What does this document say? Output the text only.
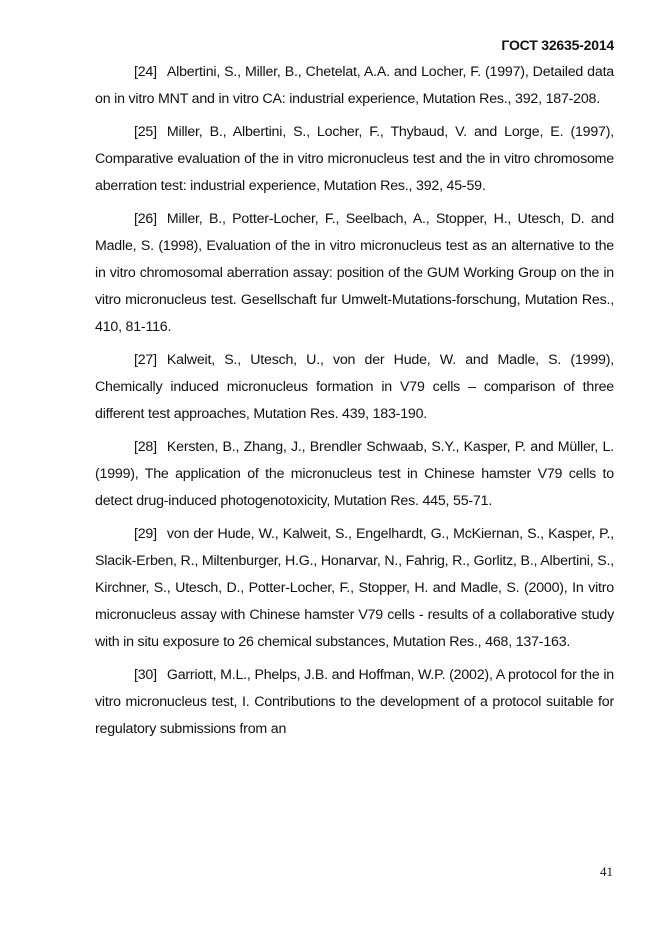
ГОСТ 32635-2014

[24] Albertini, S., Miller, B., Chetelat, A.A. and Locher, F. (1997), Detailed data on in vitro MNT and in vitro CA: industrial experience, Mutation Res., 392, 187-208.

[25] Miller, B., Albertini, S., Locher, F., Thybaud, V. and Lorge, E. (1997), Comparative evaluation of the in vitro micronucleus test and the in vitro chromosome aberration test: industrial experience, Mutation Res., 392, 45-59.

[26] Miller, B., Potter-Locher, F., Seelbach, A., Stopper, H., Utesch, D. and Madle, S. (1998), Evaluation of the in vitro micronucleus test as an alternative to the in vitro chromosomal aberration assay: position of the GUM Working Group on the in vitro micronucleus test. Gesellschaft fur Umwelt-Mutations-forschung, Mutation Res., 410, 81-116.

[27] Kalweit, S., Utesch, U., von der Hude, W. and Madle, S. (1999), Chemically induced micronucleus formation in V79 cells – comparison of three different test approaches, Mutation Res. 439, 183-190.

[28] Kersten, B., Zhang, J., Brendler Schwaab, S.Y., Kasper, P. and Müller, L. (1999), The application of the micronucleus test in Chinese hamster V79 cells to detect drug-induced photogenotoxicity, Mutation Res. 445, 55-71.

[29] von der Hude, W., Kalweit, S., Engelhardt, G., McKiernan, S., Kasper, P., Slacik-Erben, R., Miltenburger, H.G., Honarvar, N., Fahrig, R., Gorlitz, B., Albertini, S., Kirchner, S., Utesch, D., Potter-Locher, F., Stopper, H. and Madle, S. (2000), In vitro micronucleus assay with Chinese hamster V79 cells - results of a collaborative study with in situ exposure to 26 chemical substances, Mutation Res., 468, 137-163.

[30] Garriott, M.L., Phelps, J.B. and Hoffman, W.P. (2002), A protocol for the in vitro micronucleus test, I. Contributions to the development of a protocol suitable for regulatory submissions from an

41
